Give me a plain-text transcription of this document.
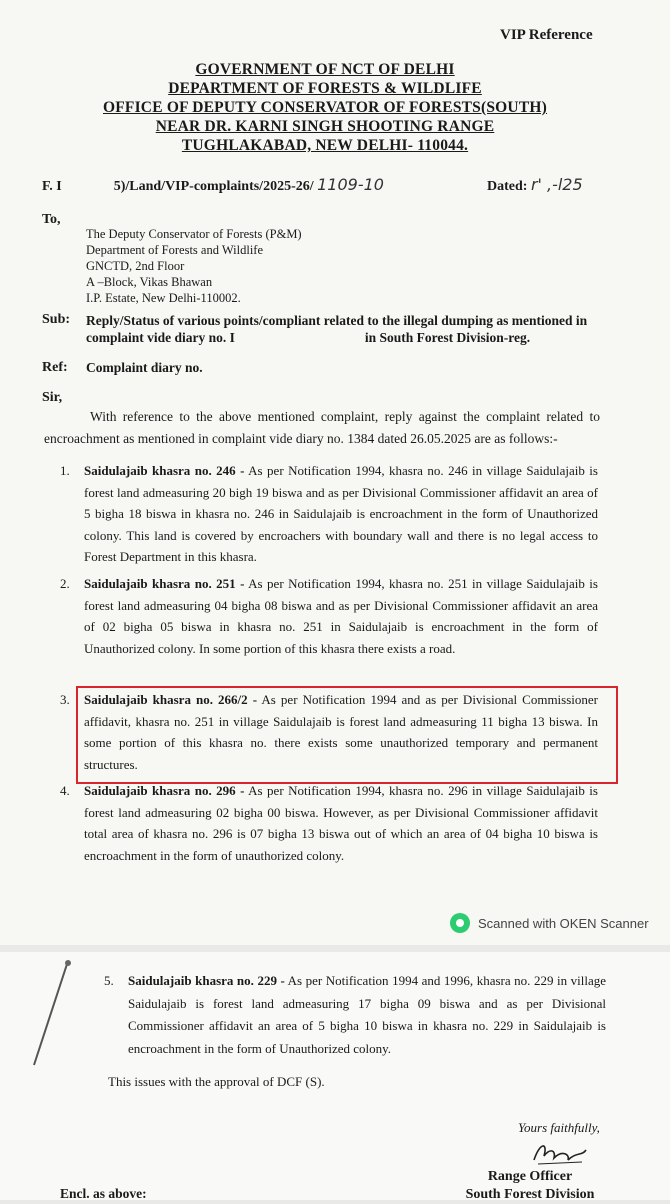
VIP Reference
GOVERNMENT OF NCT OF DELHI
DEPARTMENT OF FORESTS & WILDLIFE
OFFICE OF DEPUTY CONSERVATOR OF FORESTS(SOUTH)
NEAR DR. KARNI SINGH SHOOTING RANGE
TUGHLAKABAD, NEW DELHI- 110044.
F. I	5)/Land/VIP-complaints/2025-26/ 1109-10	Dated: r' ,-l25
To,
The Deputy Conservator of Forests (P&M)
Department of Forests and Wildlife
GNCTD, 2nd Floor
A –Block, Vikas Bhawan
I.P. Estate, New Delhi-110002.
Sub: Reply/Status of various points/compliant related to the illegal dumping as mentioned in
complaint vide diary no. I	in South Forest Division-reg.
Ref: Complaint diary no.
Sir,
With reference to the above mentioned complaint, reply against the complaint related to encroachment as mentioned in complaint vide diary no. 1384 dated 26.05.2025 are as follows:-
1. Saidulajaib khasra no. 246 - As per Notification 1994, khasra no. 246 in village Saidulajaib is forest land admeasuring 20 bigh 19 biswa and as per Divisional Commissioner affidavit an area of 5 bigha 18 biswa in khasra no. 246 in Saidulajaib is encroachment in the form of Unauthorized colony. This land is covered by encroachers with boundary wall and there is no legal access to Forest Department in this khasra.
2. Saidulajaib khasra no. 251 - As per Notification 1994, khasra no. 251 in village Saidulajaib is forest land admeasuring 04 bigha 08 biswa and as per Divisional Commissioner affidavit an area of 02 bigha 05 biswa in khasra no. 251 in Saidulajaib is encroachment in the form of Unauthorized colony. In some portion of this khasra there exists a road.
3. Saidulajaib khasra no. 266/2 - As per Notification 1994 and as per Divisional Commissioner affidavit, khasra no. 251 in village Saidulajaib is forest land admeasuring 11 bigha 13 biswa. In some portion of this khasra no. there exists some unauthorized temporary and permanent structures.
4. Saidulajaib khasra no. 296 - As per Notification 1994, khasra no. 296 in village Saidulajaib is forest land admeasuring 02 bigha 00 biswa. However, as per Divisional Commissioner affidavit total area of khasra no. 296 is 07 bigha 13 biswa out of which an area of 04 bigha 10 biswa is encroachment in the form of unauthorized colony.
Scanned with OKEN Scanner
5. Saidulajaib khasra no. 229 - As per Notification 1994 and 1996, khasra no. 229 in village Saidulajaib is forest land admeasuring 17 bigha 09 biswa and as per Divisional Commissioner affidavit an area of 5 bigha 10 biswa in khasra no. 229 in Saidulajaib is encroachment in the form of Unauthorized colony.
This issues with the approval of DCF (S).
Yours faithfully,
Range Officer
South Forest Division
Encl. as above:
